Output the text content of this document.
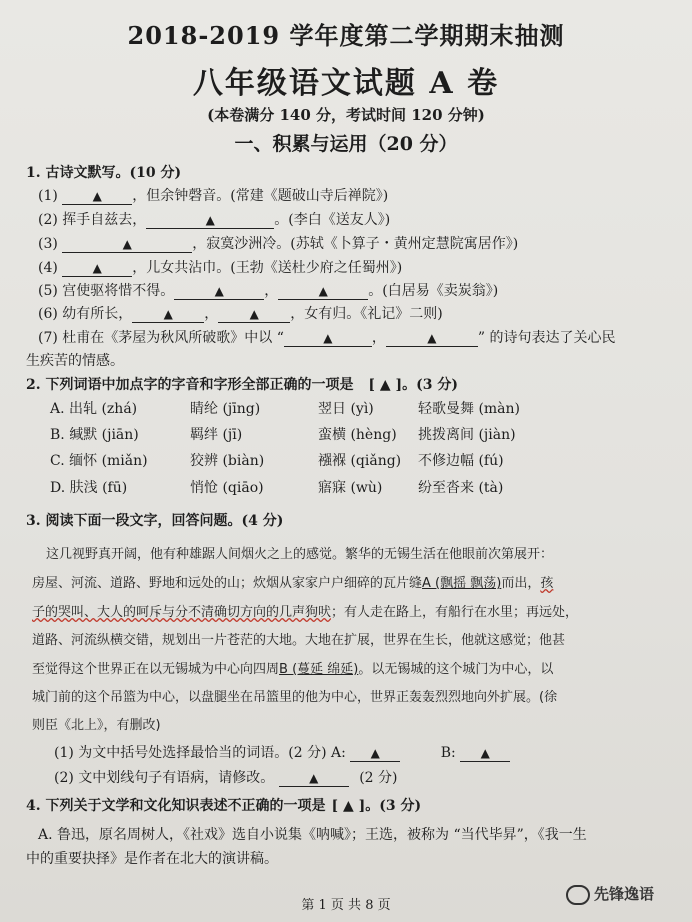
2018-2019 学年度第二学期期末抽测
八年级语文试题 A 卷
(本卷满分 140 分，考试时间 120 分钟)
一、积累与运用（20 分）
1. 古诗文默写。(10 分)
(1)	▲ ，但余钟磬音。(常建《题破山寺后禅院》)
(2) 挥手自兹去，	▲	。(李白《送友人》)
(3)	▲	，寂寞沙洲冷。(苏轼《卜算子・黄州定慧院寓居作》)
(4)	▲ ，儿女共沾巾。(王勃《送杜少府之任蜀州》)
(5) 宫使驱将惜不得。	▲	，	▲	。(白居易《卖炭翁》)
(6) 幼有所长，	▲ ，	▲ ，女有归。《礼记》二则)
(7) 杜甫在《茅屋为秋风所破歌》中以 “	▲	，	▲	” 的诗句表达了关心民
生疾苦的情感。
2. 下列词语中加点字的字音和字形全部正确的一项是 [ ▲ ]。(3 分)
A. 出轧 (zhá)	睛纶 (jīng)	翌日 (yì)	轻歌曼舞 (màn)
B. 缄默 (jiān)	羁绊 (jī)	蛮横 (hèng) 挑拨离间 (jiàn)
C. 缅怀 (miǎn)	狡辨 (biàn)	襁褓 (qiǎng) 不修边幅 (fú)
D. 肤浅 (fū)	悄怆 (qiāo)	寤寐 (wù)	纷至沓来 (tà)
3. 阅读下面一段文字，回答问题。(4 分)
这几视野真开阔，他有种雄踞人间烟火之上的感觉。繁华的无锡生活在他眼前次第展开：
房屋、河流、道路、野地和远处的山；炊烟从家家户户细碎的瓦片缝A (飘摇 飘荡)而出，孩
子的哭叫、大人的呵斥与分不清确切方向的几声狗吠；有人走在路上，有船行在水里；再远处，
道路、河流纵横交错，规划出一片苍茫的大地。大地在扩展，世界在生长，他就这感觉；他甚
至觉得这个世界正在以无锡城为中心向四周B (蔓延 绵延)。以无锡城的这个城门为中心，以
城门前的这个吊篮为中心，以盘腿坐在吊篮里的他为中心，世界正轰轰烈烈地向外扩展。(徐
则臣《北上》，有删改)
(1) 为文中括号处选择最恰当的词语。(2 分) A: ▲	B: ▲
(2) 文中划线句子有语病，请修改。	▲	(2 分)
4. 下列关于文学和文化知识表述不正确的一项是 [ ▲ ]。(3 分)
A. 鲁迅，原名周树人，《社戏》选自小说集《呐喊》；王选，被称为 “当代毕昇”，《我一生
中的重要抉择》是作者在北大的演讲稿。
第 1 页 共 8 页
先锋逸语
